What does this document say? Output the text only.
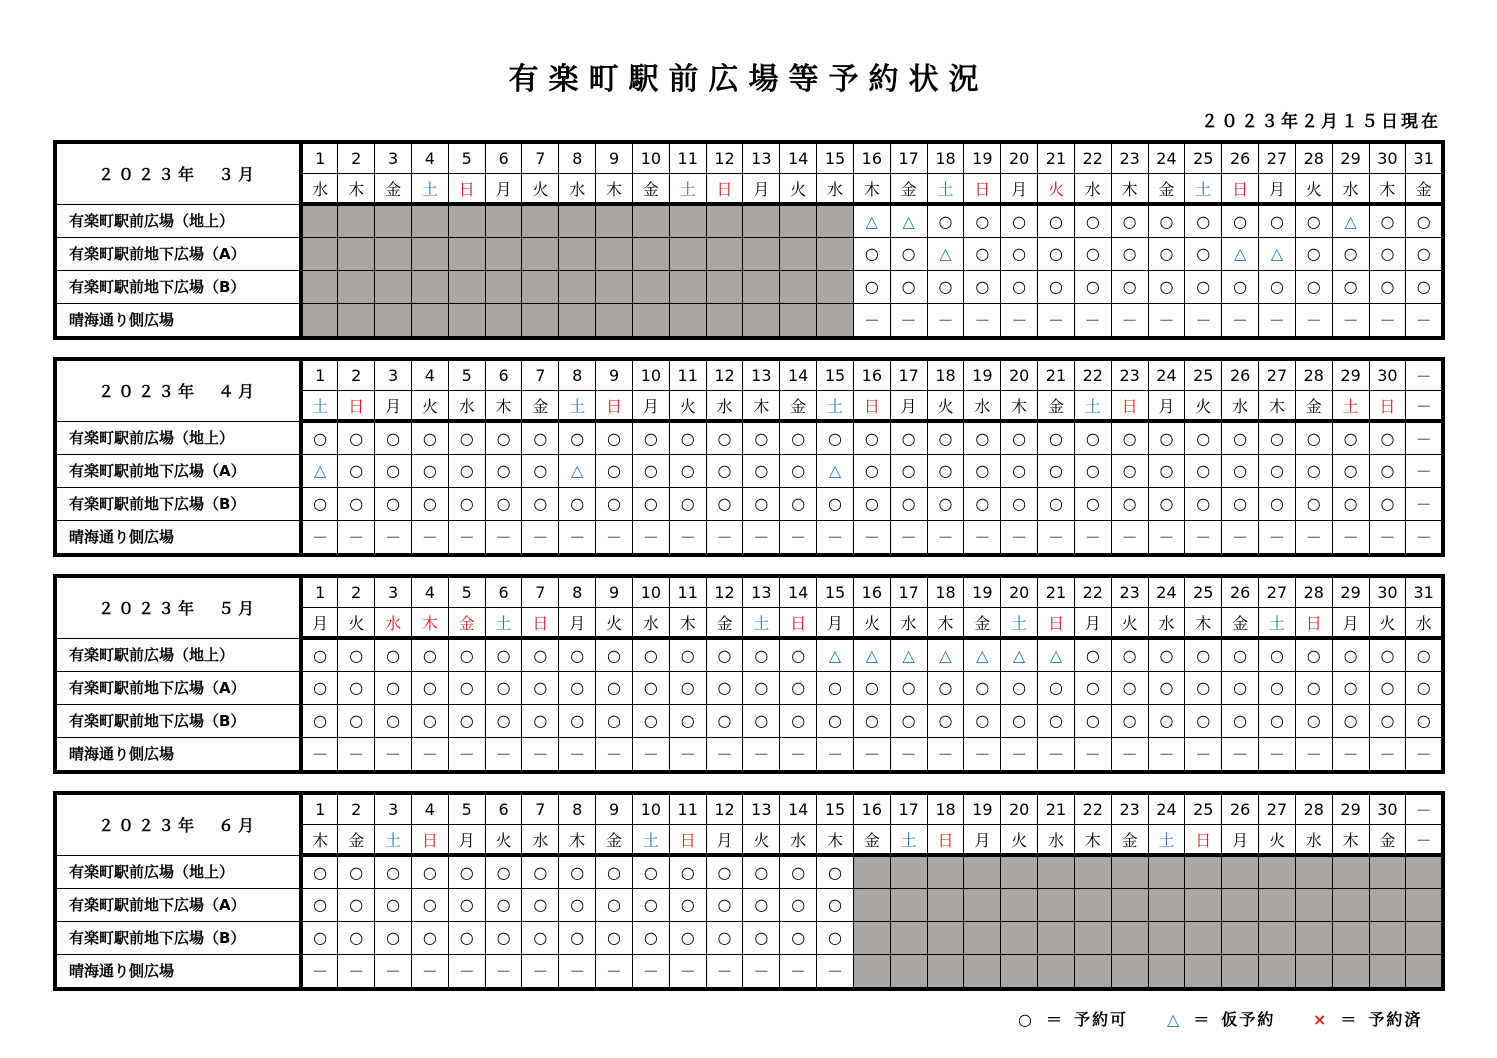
有楽町駅前広場等予約状況
２０２３年２月１５日現在
２０２３年　３月	1	2	3	4	5	6	7	8	9	10	11	12	13	14	15	16	17	18	19	20	21	22	23	24	25	26	27	28	29	30	31
	水	木	金	土	日	月	火	水	木	金	土	日	月	火	水	木	金	土	日	月	火	水	木	金	土	日	月	火	水	木	金
有楽町駅前広場（地上）																△	△	○	○	○	○	○	○	○	○	○	○	○	△	○	○
有楽町駅前地下広場（A）																○	○	△	○	○	○	○	○	○	○	△	△	○	○	○	○
有楽町駅前地下広場（B）																○	○	○	○	○	○	○	○	○	○	○	○	○	○	○	○
晴海通り側広場																－	－	－	－	－	－	－	－	－	－	－	－	－	－	－	－
２０２３年　４月	1	2	3	4	5	6	7	8	9	10	11	12	13	14	15	16	17	18	19	20	21	22	23	24	25	26	27	28	29	30	－
	土	日	月	火	水	木	金	土	日	月	火	水	木	金	土	日	月	火	水	木	金	土	日	月	火	水	木	金	土	日	－
有楽町駅前広場（地上）	○	○	○	○	○	○	○	○	○	○	○	○	○	○	○	○	○	○	○	○	○	○	○	○	○	○	○	○	○	○	－
有楽町駅前地下広場（A）	△	○	○	○	○	○	○	△	○	○	○	○	○	○	△	○	○	○	○	○	○	○	○	○	○	○	○	○	○	○	－
有楽町駅前地下広場（B）	○	○	○	○	○	○	○	○	○	○	○	○	○	○	○	○	○	○	○	○	○	○	○	○	○	○	○	○	○	○	－
晴海通り側広場	－	－	－	－	－	－	－	－	－	－	－	－	－	－	－	－	－	－	－	－	－	－	－	－	－	－	－	－	－	－	－
２０２３年　５月	1	2	3	4	5	6	7	8	9	10	11	12	13	14	15	16	17	18	19	20	21	22	23	24	25	26	27	28	29	30	31
	月	火	水	木	金	土	日	月	火	水	木	金	土	日	月	火	水	木	金	土	日	月	火	水	木	金	土	日	月	火	水
有楽町駅前広場（地上）	○	○	○	○	○	○	○	○	○	○	○	○	○	○	△	△	△	△	△	△	△	○	○	○	○	○	○	○	○	○	○
有楽町駅前地下広場（A）	○	○	○	○	○	○	○	○	○	○	○	○	○	○	○	○	○	○	○	○	○	○	○	○	○	○	○	○	○	○	○
有楽町駅前地下広場（B）	○	○	○	○	○	○	○	○	○	○	○	○	○	○	○	○	○	○	○	○	○	○	○	○	○	○	○	○	○	○	○
晴海通り側広場	－	－	－	－	－	－	－	－	－	－	－	－	－	－	－	－	－	－	－	－	－	－	－	－	－	－	－	－	－	－	－
２０２３年　６月	1	2	3	4	5	6	7	8	9	10	11	12	13	14	15	16	17	18	19	20	21	22	23	24	25	26	27	28	29	30	－
	木	金	土	日	月	火	水	木	金	土	日	月	火	水	木	金	土	日	月	火	水	木	金	土	日	月	火	水	木	金	－
有楽町駅前広場（地上）	○	○	○	○	○	○	○	○	○	○	○	○	○	○	○																
有楽町駅前地下広場（A）	○	○	○	○	○	○	○	○	○	○	○	○	○	○	○																
有楽町駅前地下広場（B）	○	○	○	○	○	○	○	○	○	○	○	○	○	○	○																
晴海通り側広場	－	－	－	－	－	－	－	－	－	－	－	－	－	－	－																
○ ＝ 予約可 △ ＝ 仮予約 × ＝ 予約済
